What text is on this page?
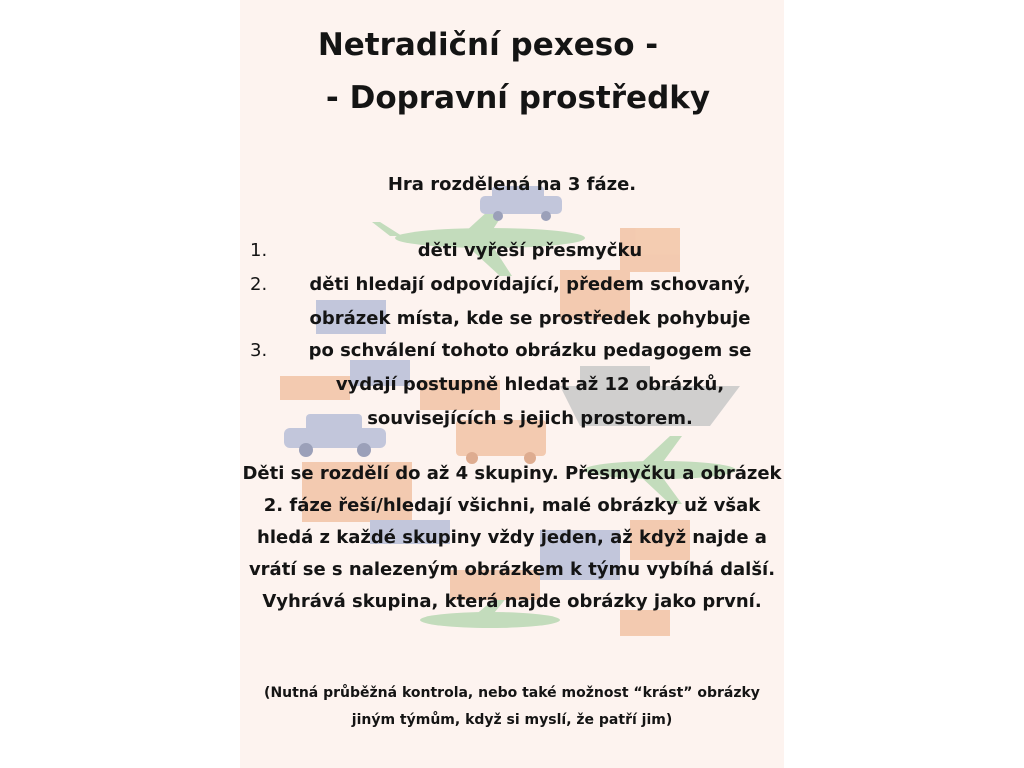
Netradiční pexeso -
- Dopravní prostředky

Hra rozdělená na 3 fáze.

1.	děti vyřeší přesmyčku
2.	děti hledají odpovídající, předem schovaný, obrázek místa, kde se prostředek pohybuje
3.	po schválení tohoto obrázku pedagogem se vydají postupně hledat až 12 obrázků, souvisejících s jejich prostorem.

Děti se rozdělí do až 4 skupiny. Přesmyčku a obrázek 2. fáze řeší/hledají všichni, malé obrázky už však hledá z každé skupiny vždy jeden, až když najde a vrátí se s nalezeným obrázkem k týmu vybíhá další. Vyhrává skupina, která najde obrázky jako první.

(Nutná průběžná kontrola, nebo také možnost “krást” obrázky jiným týmům, když si myslí, že patří jim)
